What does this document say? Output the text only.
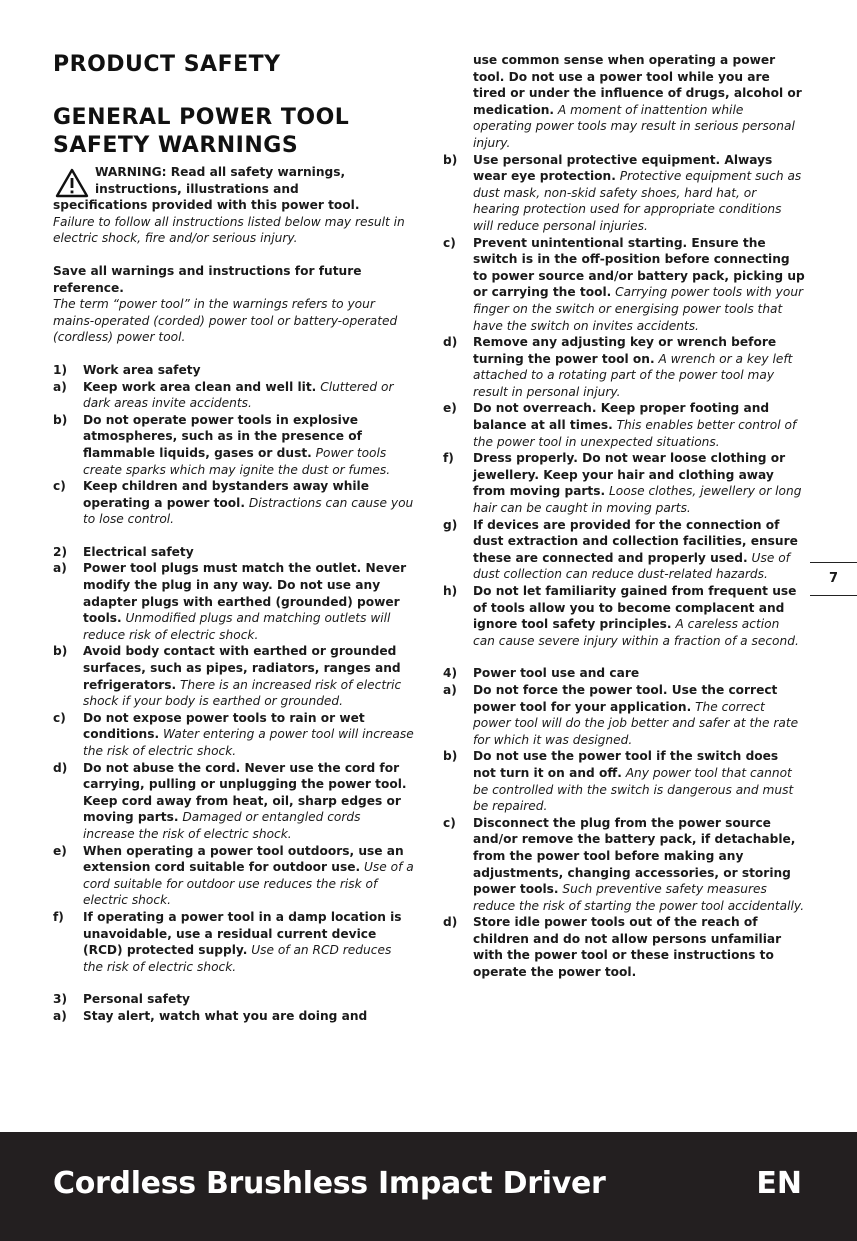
PRODUCT SAFETY
GENERAL POWER TOOL
SAFETY WARNINGS
WARNING: Read all safety warnings,
instructions, illustrations and
specifications provided with this power tool.
Failure to follow all instructions listed below may result in electric shock, fire and/or serious injury.
Save all warnings and instructions for future reference.
The term “power tool” in the warnings refers to your mains-operated (corded) power tool or battery-operated (cordless) power tool.
1)	Work area safety
a)	Keep work area clean and well lit. Cluttered or dark areas invite accidents.
b)	Do not operate power tools in explosive atmospheres, such as in the presence of flammable liquids, gases or dust. Power tools create sparks which may ignite the dust or fumes.
c)	Keep children and bystanders away while operating a power tool. Distractions can cause you to lose control.
2)	Electrical safety
a)	Power tool plugs must match the outlet. Never modify the plug in any way. Do not use any adapter plugs with earthed (grounded) power tools. Unmodified plugs and matching outlets will reduce risk of electric shock.
b)	Avoid body contact with earthed or grounded surfaces, such as pipes, radiators, ranges and refrigerators. There is an increased risk of electric shock if your body is earthed or grounded.
c)	Do not expose power tools to rain or wet conditions. Water entering a power tool will increase the risk of electric shock.
d)	Do not abuse the cord. Never use the cord for carrying, pulling or unplugging the power tool. Keep cord away from heat, oil, sharp edges or moving parts. Damaged or entangled cords increase the risk of electric shock.
e)	When operating a power tool outdoors, use an extension cord suitable for outdoor use. Use of a cord suitable for outdoor use reduces the risk of electric shock.
f)	If operating a power tool in a damp location is unavoidable, use a residual current device (RCD) protected supply. Use of an RCD reduces the risk of electric shock.
3)	Personal safety
a)	Stay alert, watch what you are doing and
use common sense when operating a power tool. Do not use a power tool while you are tired or under the influence of drugs, alcohol or medication. A moment of inattention while operating power tools may result in serious personal injury.
b)	Use personal protective equipment. Always wear eye protection. Protective equipment such as dust mask, non-skid safety shoes, hard hat, or hearing protection used for appropriate conditions will reduce personal injuries.
c)	Prevent unintentional starting. Ensure the switch is in the off-position before connecting to power source and/or battery pack, picking up or carrying the tool. Carrying power tools with your finger on the switch or energising power tools that have the switch on invites accidents.
d)	Remove any adjusting key or wrench before turning the power tool on. A wrench or a key left attached to a rotating part of the power tool may result in personal injury.
e)	Do not overreach. Keep proper footing and balance at all times. This enables better control of the power tool in unexpected situations.
f)	Dress properly. Do not wear loose clothing or jewellery. Keep your hair and clothing away from moving parts. Loose clothes, jewellery or long hair can be caught in moving parts.
g)	If devices are provided for the connection of dust extraction and collection facilities, ensure these are connected and properly used. Use of dust collection can reduce dust-related hazards.
h)	Do not let familiarity gained from frequent use of tools allow you to become complacent and ignore tool safety principles. A careless action can cause severe injury within a fraction of a second.
4)	Power tool use and care
a)	Do not force the power tool. Use the correct power tool for your application. The correct power tool will do the job better and safer at the rate for which it was designed.
b)	Do not use the power tool if the switch does not turn it on and off. Any power tool that cannot be controlled with the switch is dangerous and must be repaired.
c)	Disconnect the plug from the power source and/or remove the battery pack, if detachable, from the power tool before making any adjustments, changing accessories, or storing power tools. Such preventive safety measures reduce the risk of starting the power tool accidentally.
d)	Store idle power tools out of the reach of children and do not allow persons unfamiliar with the power tool or these instructions to operate the power tool.
7
Cordless Brushless Impact Driver	EN
